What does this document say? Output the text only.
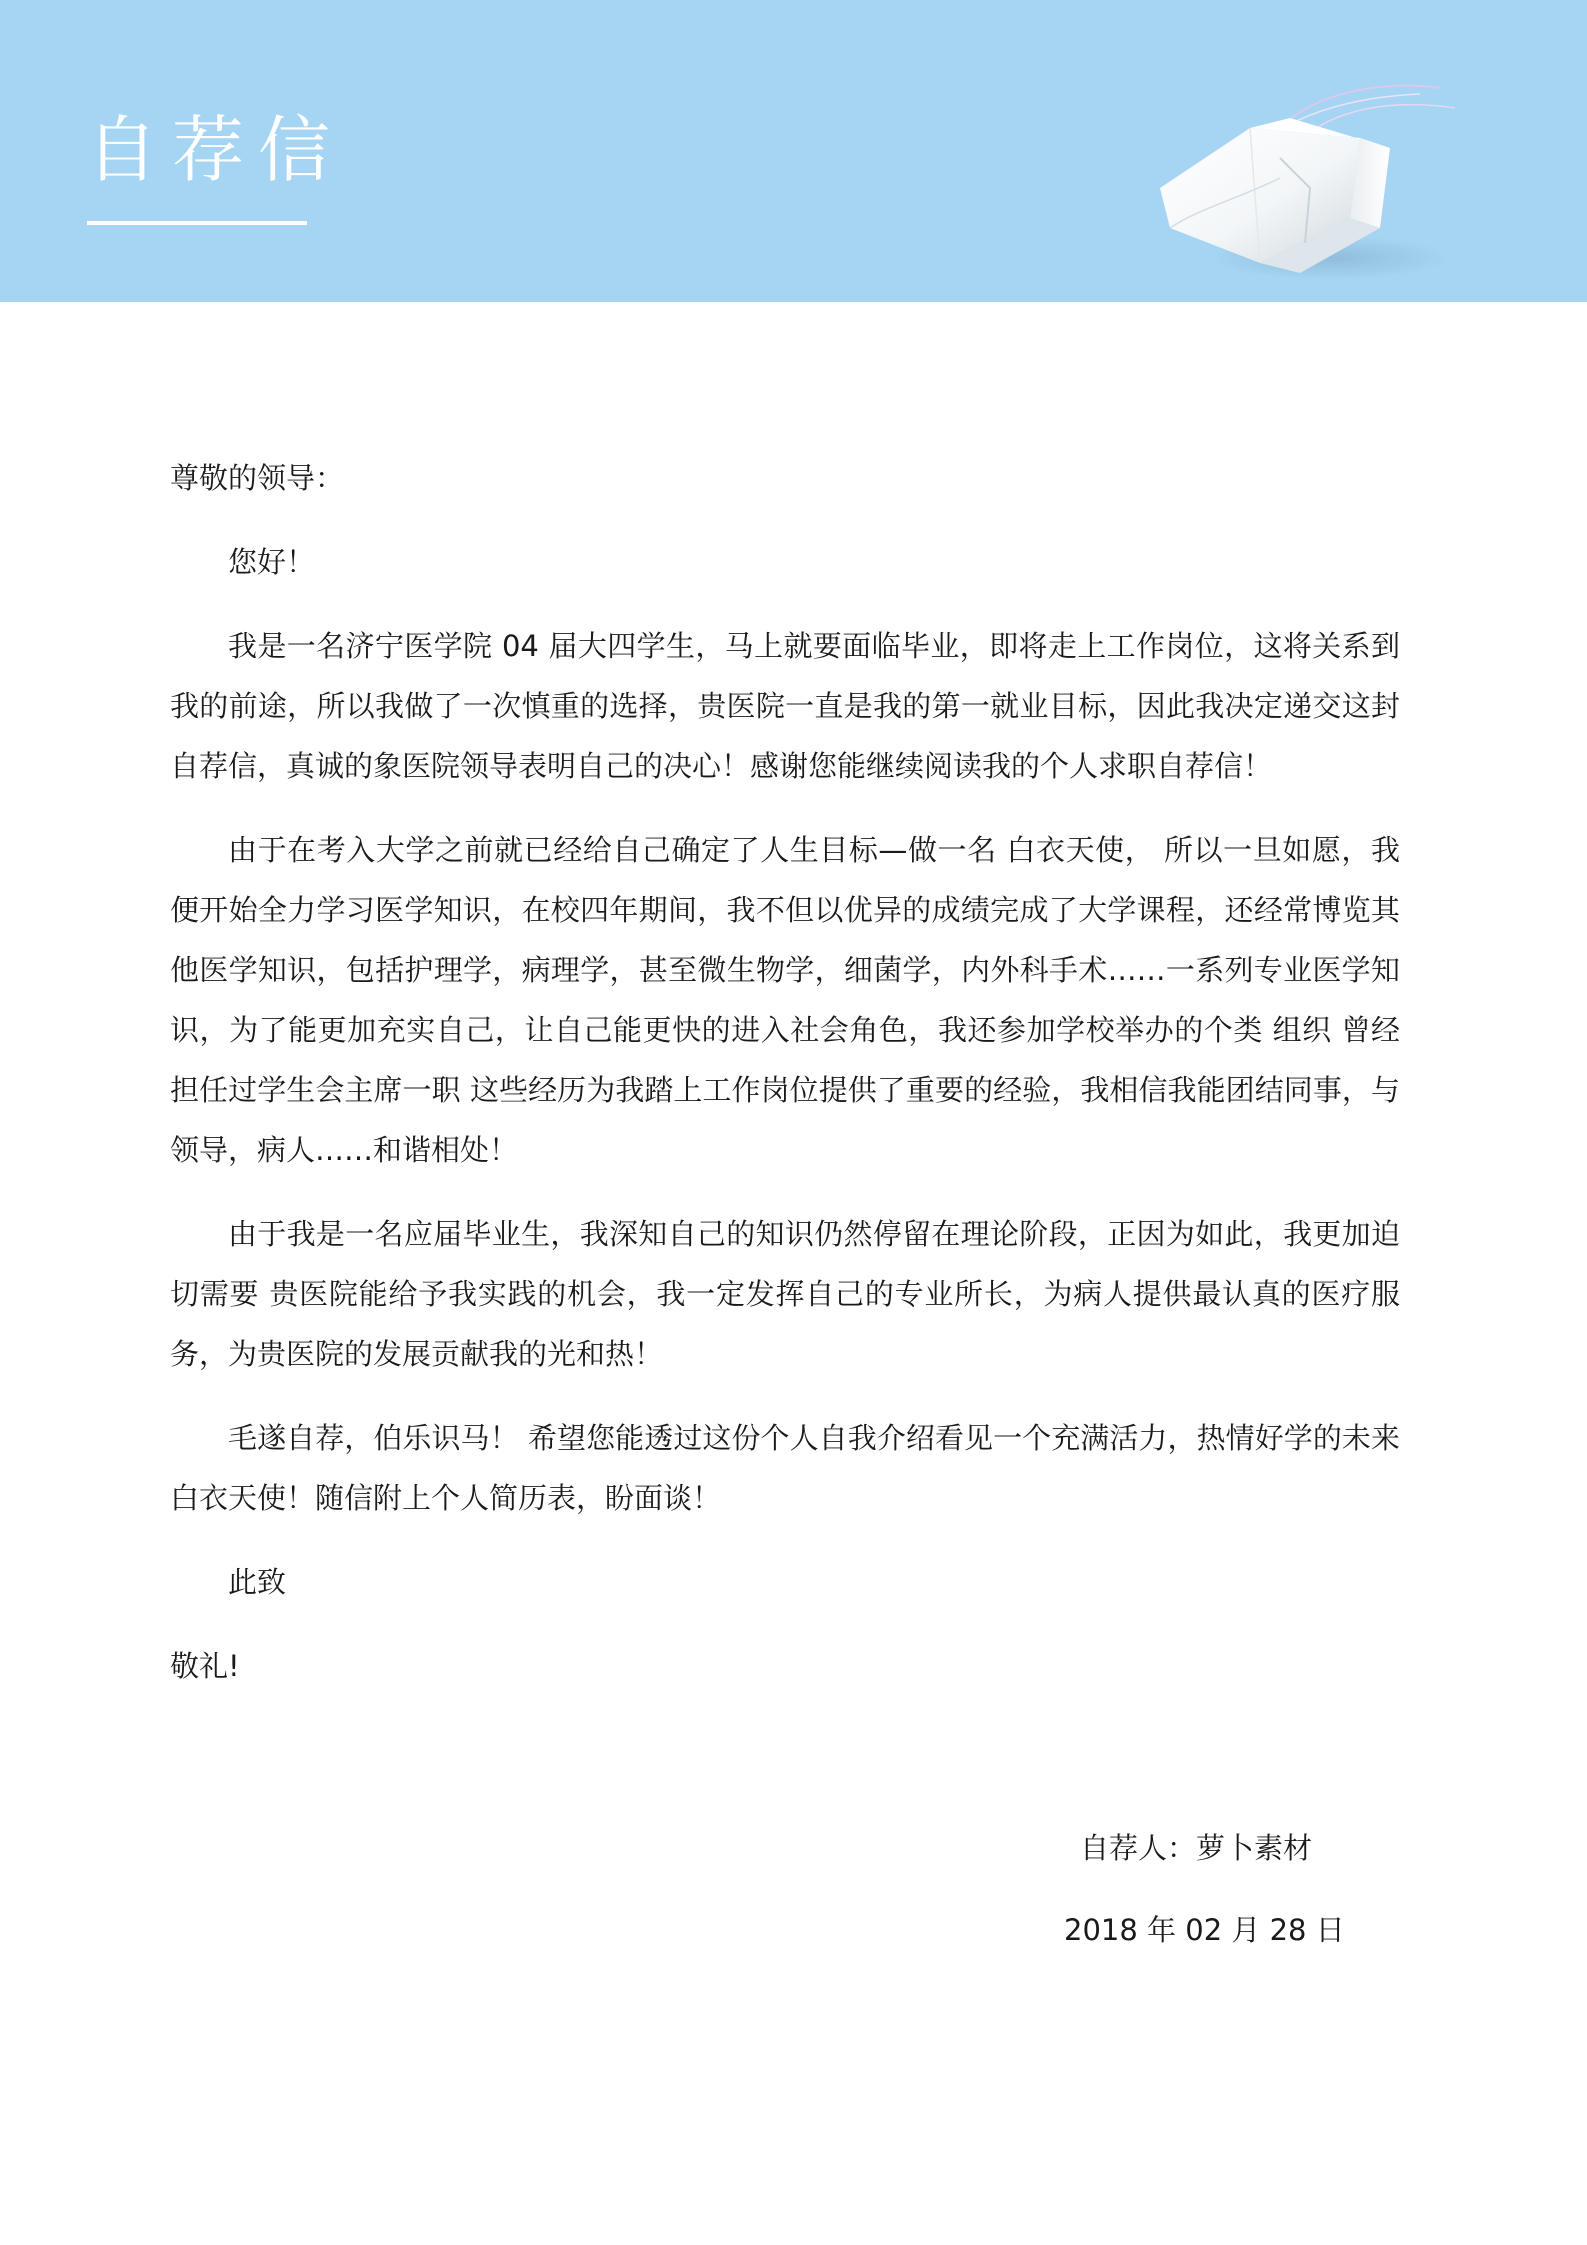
自荐信

尊敬的领导：

您好！

我是一名济宁医学院 04 届大四学生，马上就要面临毕业，即将走上工作岗位，这将关系到我的前途，所以我做了一次慎重的选择，贵医院一直是我的第一就业目标，因此我决定递交这封自荐信，真诚的象医院领导表明自己的决心！感谢您能继续阅读我的个人求职自荐信！

由于在考入大学之前就已经给自己确定了人生目标—做一名 白衣天使， 所以一旦如愿，我便开始全力学习医学知识，在校四年期间，我不但以优异的成绩完成了大学课程，还经常博览其他医学知识，包括护理学，病理学，甚至微生物学，细菌学，内外科手术……一系列专业医学知识，为了能更加充实自己，让自己能更快的进入社会角色，我还参加学校举办的个类 组织 曾经担任过学生会主席一职 这些经历为我踏上工作岗位提供了重要的经验，我相信我能团结同事，与领导，病人……和谐相处！

由于我是一名应届毕业生，我深知自己的知识仍然停留在理论阶段，正因为如此，我更加迫切需要 贵医院能给予我实践的机会，我一定发挥自己的专业所长，为病人提供最认真的医疗服务，为贵医院的发展贡献我的光和热！

毛遂自荐，伯乐识马！ 希望您能透过这份个人自我介绍看见一个充满活力，热情好学的未来白衣天使！随信附上个人简历表，盼面谈！

此致

敬礼!

自荐人：萝卜素材
2018 年 02 月 28 日
